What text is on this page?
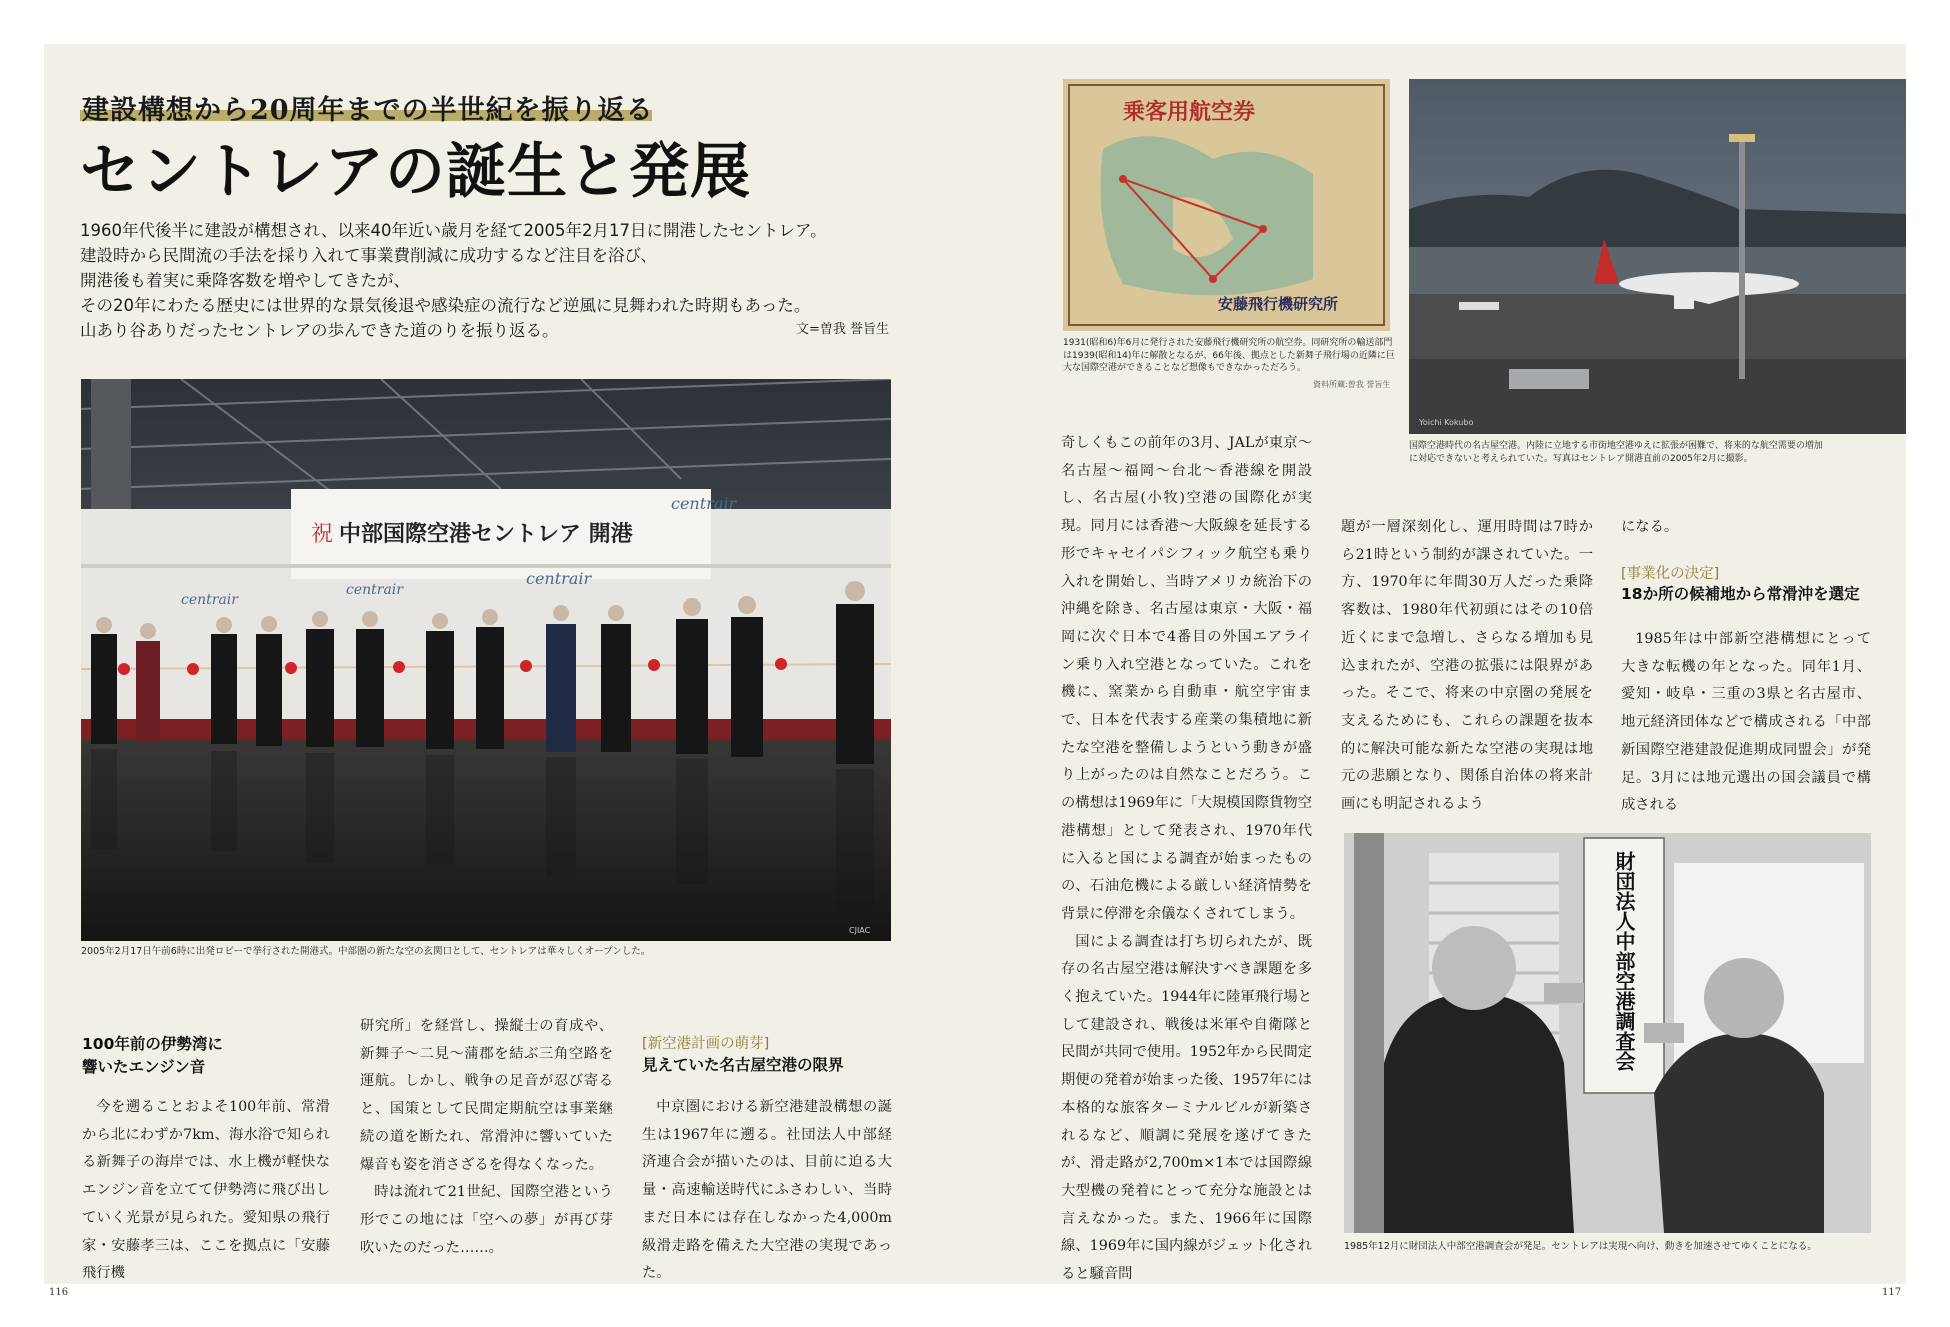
建設構想から20周年までの半世紀を振り返る
セントレアの誕生と発展

1960年代後半に建設が構想され、以来40年近い歳月を経て2005年2月17日に開港したセントレア。

建設時から民間流の手法を採り入れて事業費削減に成功するなど注目を浴び、

開港後も着実に乗降客数を増やしてきたが、

その20年にわたる歴史には世界的な景気後退や感染症の流行など逆風に見舞われた時期もあった。

山あり谷ありだったセントレアの歩んできた道のりを振り返る。	文=曽我 誉旨生
祝 中部国際空港セントレア 開港
centrair
centrair
centrair
centrair
CJIAC
2005年2月17日午前6時に出発ロビーで挙行された開港式。中部圏の新たな空の玄関口として、セントレアは華々しくオープンした。
乗客用航空券
安藤飛行機研究所
1931(昭和6)年6月に発行された安藤飛行機研究所の航空券。同研究所の輸送部門は1939(昭和14)年に解散となるが、66年後、拠点とした新舞子飛行場の近隣に巨大な国際空港ができることなど想像もできなかっただろう。
資料所蔵:曽我 誉旨生
Yoichi Kokubo
国際空港時代の名古屋空港。内陸に立地する市街地空港ゆえに拡張が困難で、将来的な航空需要の増加に対応できないと考えられていた。写真はセントレア開港直前の2005年2月に撮影。
財団法人中部空港調査会
1985年12月に財団法人中部空港調査会が発足。セントレアは実現へ向け、動きを加速させてゆくことになる。
100年前の伊勢湾に
響いたエンジン音

今を遡ることおよそ100年前、常滑から北にわずか7km、海水浴で知られる新舞子の海岸では、水上機が軽快なエンジン音を立てて伊勢湾に飛び出していく光景が見られた。愛知県の飛行家・安藤孝三は、ここを拠点に「安藤飛行機

研究所」を経営し、操縦士の育成や、新舞子～二見～蒲郡を結ぶ三角空路を運航。しかし、戦争の足音が忍び寄ると、国策として民間定期航空は事業継続の道を断たれ、常滑沖に響いていた爆音も姿を消さざるを得なくなった。

時は流れて21世紀、国際空港という形でこの地には「空への夢」が再び芽吹いたのだった……。

[新空港計画の萌芽]
見えていた名古屋空港の限界

中京圏における新空港建設構想の誕生は1967年に遡る。社団法人中部経済連合会が描いたのは、目前に迫る大量・高速輸送時代にふさわしい、当時まだ日本には存在しなかった4,000m級滑走路を備えた大空港の実現であった。

奇しくもこの前年の3月、JALが東京～名古屋～福岡～台北～香港線を開設し、名古屋(小牧)空港の国際化が実現。同月には香港～大阪線を延長する形でキャセイパシフィック航空も乗り入れを開始し、当時アメリカ統治下の沖縄を除き、名古屋は東京・大阪・福岡に次ぐ日本で4番目の外国エアライン乗り入れ空港となっていた。これを機に、窯業から自動車・航空宇宙まで、日本を代表する産業の集積地に新たな空港を整備しようという動きが盛り上がったのは自然なことだろう。この構想は1969年に「大規模国際貨物空港構想」として発表され、1970年代に入ると国による調査が始まったものの、石油危機による厳しい経済情勢を背景に停滞を余儀なくされてしまう。

国による調査は打ち切られたが、既存の名古屋空港は解決すべき課題を多く抱えていた。1944年に陸軍飛行場として建設され、戦後は米軍や自衛隊と民間が共同で使用。1952年から民間定期便の発着が始まった後、1957年には本格的な旅客ターミナルビルが新築されるなど、順調に発展を遂げてきたが、滑走路が2,700m×1本では国際線大型機の発着にとって充分な施設とは言えなかった。また、1966年に国際線、1969年に国内線がジェット化されると騒音問

題が一層深刻化し、運用時間は7時から21時という制約が課されていた。一方、1970年に年間30万人だった乗降客数は、1980年代初頭にはその10倍近くにまで急増し、さらなる増加も見込まれたが、空港の拡張には限界があった。そこで、将来の中京圏の発展を支えるためにも、これらの課題を抜本的に解決可能な新たな空港の実現は地元の悲願となり、関係自治体の将来計画にも明記されるよう

になる。

[事業化の決定]
18か所の候補地から常滑沖を選定

1985年は中部新空港構想にとって大きな転機の年となった。同年1月、愛知・岐阜・三重の3県と名古屋市、地元経済団体などで構成される「中部新国際空港建設促進期成同盟会」が発足。3月には地元選出の国会議員で構成される

116	117
